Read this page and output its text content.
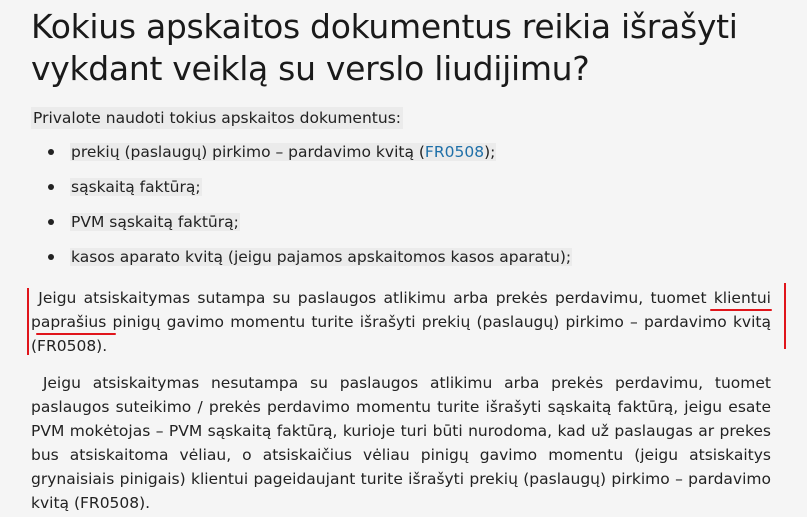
Kokius apskaitos dokumentus reikia išrašyti vykdant veiklą su verslo liudijimu?

Privalote naudoti tokius apskaitos dokumentus:

prekių (paslaugų) pirkimo – pardavimo kvitą (FR0508);
sąskaitą faktūrą;
PVM sąskaitą faktūrą;
kasos aparato kvitą (jeigu pajamos apskaitomos kasos aparatu);

Jeigu atsiskaitymas sutampa su paslaugos atlikimu arba prekės perdavimu, tuomet klientui paprašius pinigų gavimo momentu turite išrašyti prekių (paslaugų) pirkimo – pardavimo kvitą (FR0508).

Jeigu atsiskaitymas nesutampa su paslaugos atlikimu arba prekės perdavimu, tuomet paslaugos suteikimo / prekės perdavimo momentu turite išrašyti sąskaitą faktūrą, jeigu esate PVM mokėtojas – PVM sąskaitą faktūrą, kurioje turi būti nurodoma, kad už paslaugas ar prekes bus atsiskaitoma vėliau, o atsiskaičius vėliau pinigų gavimo momentu (jeigu atsiskaitys grynaisiais pinigais) klientui pageidaujant turite išrašyti prekių (paslaugų) pirkimo – pardavimo kvitą (FR0508).
